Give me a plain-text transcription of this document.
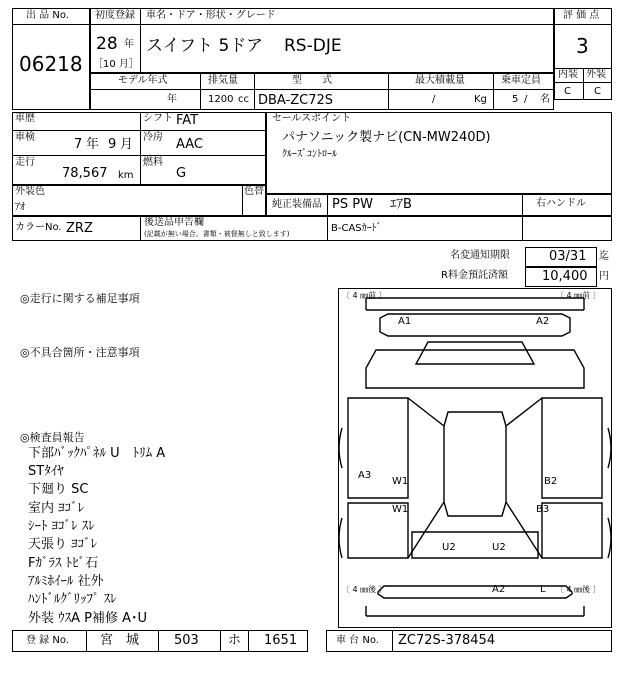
出 品 No.
06218
初度登録 車名・ドア・形状・グレード
28 年
［10 月］
スイフト 5ドア RS-DJE
評 価 点
3
内装 外装
C C
モデル年式	排気量	型　　式	最大積載量	乗車定員
年	1200 cc DBA-ZC72S	/	Kg	5 / 名
車歴	シフト FAT
車検	7 年 9 月 冷房 AAC
走行
78,567 km
燃料
G
セールスポイント
パナソニック製ナビ(CN-MW240D)
ｸﾙｰｽﾞｺﾝﾄﾛｰﾙ
外装色
ｱｵ
色替
純正装備品 PS PW　 ｴｱB	右ハンドル
カラーNo. ZRZ	後送品申告欄
(記載が無い場合、書類・被督無しと致します)	B-CASｶｰﾄﾞ
名変通知期限	03/31 迄
R料金預託済額	10,400 円
◎走行に関する補足事項
◎不具合箇所・注意事項
◎検査員報告
下部ﾊﾞｯｸﾊﾟﾈﾙ U　ﾄﾘﾑ A
STﾀｲﾔ
下廻り SC
室内 ﾖｺﾞﾚ
ｼｰﾄ ﾖｺﾞﾚ ｽﾚ
天張り ﾖｺﾞﾚ
Fｶﾞﾗｽ ﾄﾋﾞ石
ｱﾙﾐﾎｲｰﾙ 社外
ﾊﾝﾄﾞﾙｸﾞﾘｯﾌﾟ ｽﾚ
外装 ｳｽA P補修 A･U
〔 4 ㎜前 〕	〔 4 ㎜前 〕
〔 4 ㎜後 〕	〔 4 ㎜後 〕
A1	A2
A3
W1
W1
B2
B3
U2	U2
A2	L
登 録 No. 宮　城	503 ホ 1651	車 台 No. ZC72S-378454
